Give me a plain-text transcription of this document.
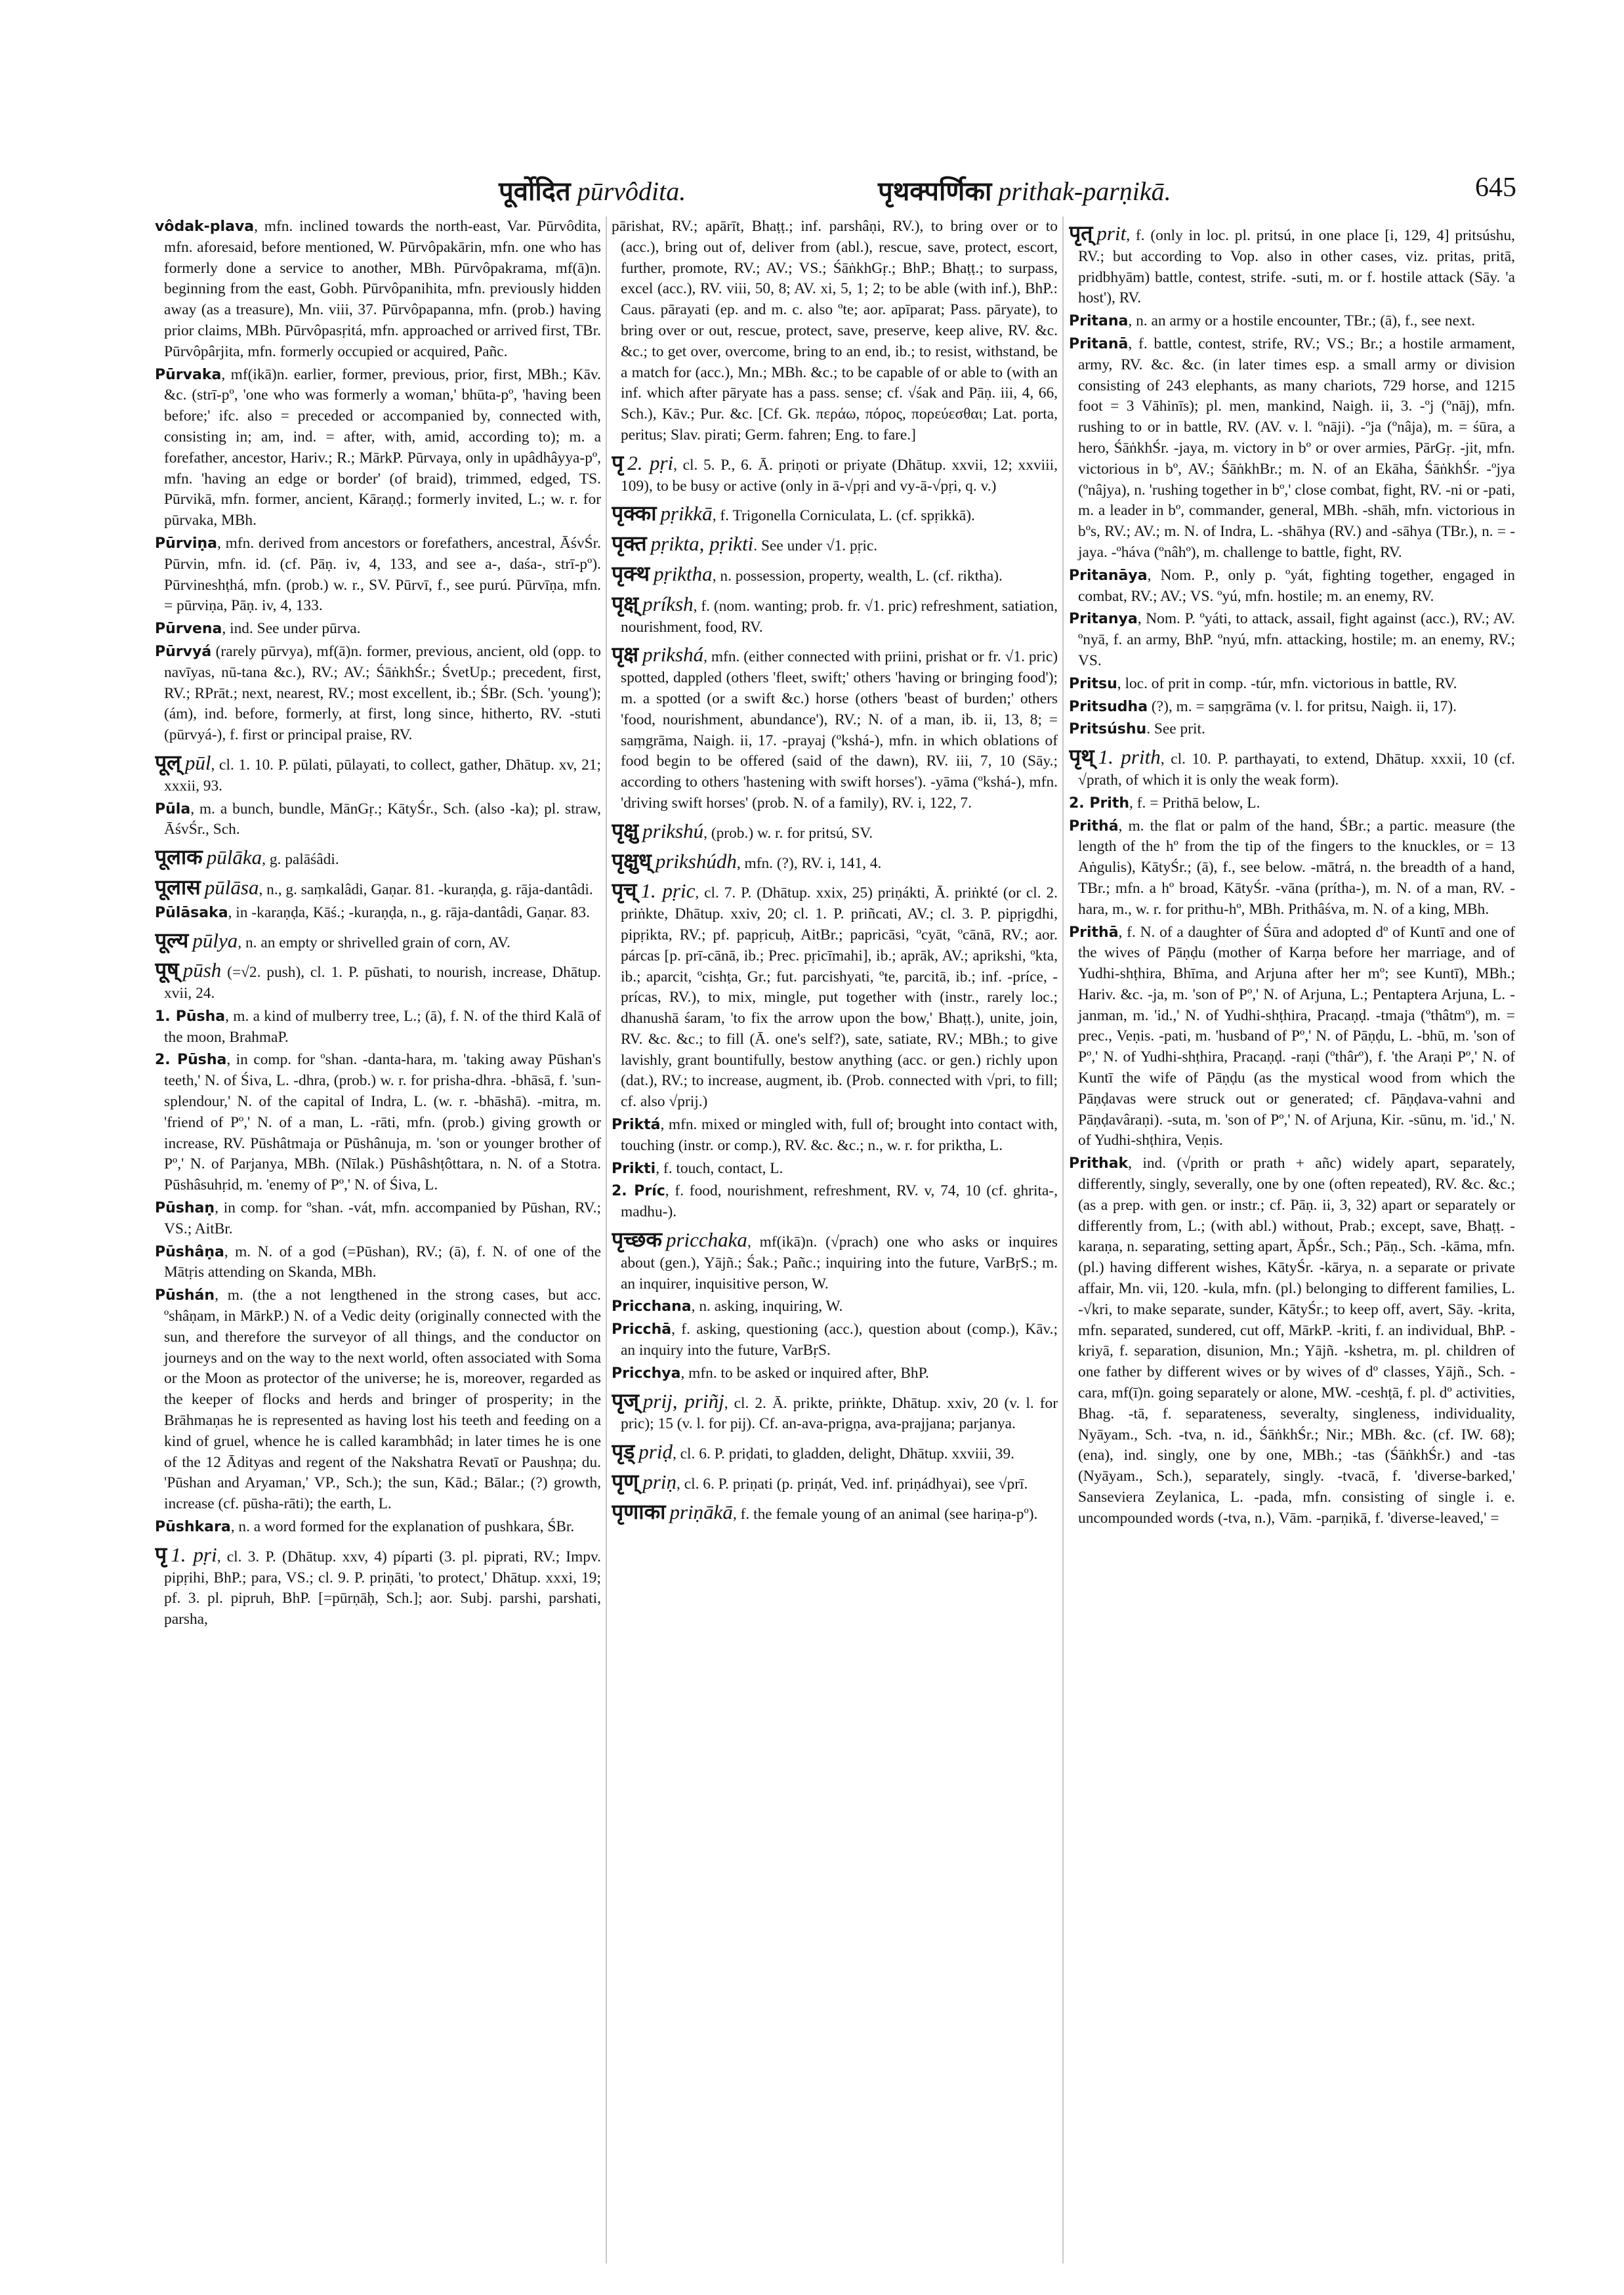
पूर्वोदित pūrvôdita.	पृथक्पर्णिका prithak-parṇikā.	645

vôdak-plava, mfn. inclined towards the north-east, Var. Pūrvôdita, mfn. aforesaid, before mentioned, W. Pūrvôpakārin, mfn. one who has formerly done a service to another, MBh. Pūrvôpakrama, mf(ā)n. beginning from the east, Gobh. Pūrvôpanihita, mfn. previously hidden away (as a treasure), Mn. viii, 37. Pūrvôpapanna, mfn. (prob.) having prior claims, MBh. Pūrvôpasṛitá, mfn. approached or arrived first, TBr. Pūrvôpârjita, mfn. formerly occupied or acquired, Pañc.

Pūrvaka, mf(ikā)n. earlier, former, previous, prior, first, MBh.; Kāv. &c. (strī-pº, 'one who was formerly a woman,' bhūta-pº, 'having been before;' ifc. also = preceded or accompanied by, connected with, consisting in; am, ind. = after, with, amid, according to); m. a forefather, ancestor, Hariv.; R.; MārkP. Pūrvaya, only in upâdhâyya-pº, mfn. 'having an edge or border' (of braid), trimmed, edged, TS. Pūrvikā, mfn. former, ancient, Kāraṇḍ.; formerly invited, L.; w. r. for pūrvaka, MBh.

Pūrviṇa, mfn. derived from ancestors or forefathers, ancestral, ĀśvŚr. Pūrvin, mfn. id. (cf. Pāṇ. iv, 4, 133, and see a-, daśa-, strī-pº). Pūrvineshṭhá, mfn. (prob.) w. r., SV. Pūrvī, f., see purú. Pūrvīṇa, mfn. = pūrviṇa, Pāṇ. iv, 4, 133.

Pūrvena, ind. See under pūrva.

Pūrvyá (rarely pūrvya), mf(ā)n. former, previous, ancient, old (opp. to navīyas, nū-tana &c.), RV.; AV.; ŚāṅkhŚr.; ŚvetUp.; precedent, first, RV.; RPrāt.; next, nearest, RV.; most excellent, ib.; ŚBr. (Sch. 'young'); (ám), ind. before, formerly, at first, long since, hitherto, RV. -stuti (pūrvyá-), f. first or principal praise, RV.

पूल् pūl, cl. 1. 10. P. pūlati, pūlayati, to collect, gather, Dhātup. xv, 21; xxxii, 93.

Pūla, m. a bunch, bundle, MānGṛ.; KātyŚr., Sch. (also -ka); pl. straw, ĀśvŚr., Sch.

पूलाक pūlāka, g. palāśâdi.

पूलास pūlāsa, n., g. saṃkalâdi, Gaṇar. 81. -kuraṇḍa, g. rāja-dantâdi.

Pūlāsaka, in -karaṇḍa, Kāś.; -kuraṇḍa, n., g. rāja-dantâdi, Gaṇar. 83.

पूल्य pūlya, n. an empty or shrivelled grain of corn, AV.

पूष् pūsh (=√2. push), cl. 1. P. pūshati, to nourish, increase, Dhātup. xvii, 24.

1. Pūsha, m. a kind of mulberry tree, L.; (ā), f. N. of the third Kalā of the moon, BrahmaP.

2. Pūsha, in comp. for ºshan. -danta-hara, m. 'taking away Pūshan's teeth,' N. of Śiva, L. -dhra, (prob.) w. r. for prisha-dhra. -bhāsā, f. 'sun-splendour,' N. of the capital of Indra, L. (w. r. -bhāshā). -mitra, m. 'friend of Pº,' N. of a man, L. -rāti, mfn. (prob.) giving growth or increase, RV. Pūshâtmaja or Pūshânuja, m. 'son or younger brother of Pº,' N. of Parjanya, MBh. (Nīlak.) Pūshâshṭôttara, n. N. of a Stotra. Pūshâsuhṛid, m. 'enemy of Pº,' N. of Śiva, L.

Pūshaṇ, in comp. for ºshan. -vát, mfn. accompanied by Pūshan, RV.; VS.; AitBr.

Pūshâṇa, m. N. of a god (=Pūshan), RV.; (ā), f. N. of one of the Mātṛis attending on Skanda, MBh.

Pūshán, m. (the a not lengthened in the strong cases, but acc. ºshâṇam, in MārkP.) N. of a Vedic deity (originally connected with the sun, and therefore the surveyor of all things, and the conductor on journeys and on the way to the next world, often associated with Soma or the Moon as protector of the universe; he is, moreover, regarded as the keeper of flocks and herds and bringer of prosperity; in the Brāhmaṇas he is represented as having lost his teeth and feeding on a kind of gruel, whence he is called karambhâd; in later times he is one of the 12 Ādityas and regent of the Nakshatra Revatī or Paushṇa; du. 'Pūshan and Aryaman,' VP., Sch.); the sun, Kād.; Bālar.; (?) growth, increase (cf. pūsha-rāti); the earth, L.

Pūshkara, n. a word formed for the explanation of pushkara, ŚBr.

पृ 1. pṛi, cl. 3. P. (Dhātup. xxv, 4) píparti (3. pl. piprati, RV.; Impv. pipṛihi, BhP.; para, VS.; cl. 9. P. priṇāti, 'to protect,' Dhātup. xxxi, 19; pf. 3. pl. pipruh, BhP. [=pūrṇāḥ, Sch.]; aor. Subj. parshi, parshati, parsha,

pārishat, RV.; apārīt, Bhaṭṭ.; inf. parshâṇi, RV.), to bring over or to (acc.), bring out of, deliver from (abl.), rescue, save, protect, escort, further, promote, RV.; AV.; VS.; ŚāṅkhGṛ.; BhP.; Bhaṭṭ.; to surpass, excel (acc.), RV. viii, 50, 8; AV. xi, 5, 1; 2; to be able (with inf.), BhP.: Caus. pārayati (ep. and m. c. also ºte; aor. apīparat; Pass. pāryate), to bring over or out, rescue, protect, save, preserve, keep alive, RV. &c. &c.; to get over, overcome, bring to an end, ib.; to resist, withstand, be a match for (acc.), Mn.; MBh. &c.; to be capable of or able to (with an inf. which after pāryate has a pass. sense; cf. √śak and Pāṇ. iii, 4, 66, Sch.), Kāv.; Pur. &c. [Cf. Gk. περάω, πόρος, πορεύεσθαι; Lat. porta, peritus; Slav. pirati; Germ. fahren; Eng. to fare.]

पृ 2. pṛi, cl. 5. P., 6. Ā. priṇoti or priyate (Dhātup. xxvii, 12; xxviii, 109), to be busy or active (only in ā-√pṛi and vy-ā-√pṛi, q. v.)

पृक्का pṛikkā, f. Trigonella Corniculata, L. (cf. spṛikkā).

पृक्त pṛikta, pṛikti. See under √1. pṛic.

पृक्थ pṛiktha, n. possession, property, wealth, L. (cf. riktha).

पृक्ष् príksh, f. (nom. wanting; prob. fr. √1. pric) refreshment, satiation, nourishment, food, RV.

पृक्ष prikshá, mfn. (either connected with priini, prishat or fr. √1. pric) spotted, dappled (others 'fleet, swift;' others 'having or bringing food'); m. a spotted (or a swift &c.) horse (others 'beast of burden;' others 'food, nourishment, abundance'), RV.; N. of a man, ib. ii, 13, 8; = saṃgrāma, Naigh. ii, 17. -prayaj (ºkshá-), mfn. in which oblations of food begin to be offered (said of the dawn), RV. iii, 7, 10 (Sāy.; according to others 'hastening with swift horses'). -yāma (ºkshá-), mfn. 'driving swift horses' (prob. N. of a family), RV. i, 122, 7.

पृक्षु prikshú, (prob.) w. r. for pritsú, SV.

पृक्षुध् prikshúdh, mfn. (?), RV. i, 141, 4.

पृच् 1. pṛic, cl. 7. P. (Dhātup. xxix, 25) priṇákti, Ā. priṅkté (or cl. 2. priṅkte, Dhātup. xxiv, 20; cl. 1. P. priñcati, AV.; cl. 3. P. pipṛigdhi, pipṛikta, RV.; pf. papṛicuḥ, AitBr.; papricāsi, ºcyāt, ºcānā, RV.; aor. párcas [p. prī-cānā, ib.; Prec. pṛicīmahi], ib.; aprāk, AV.; aprikshi, ºkta, ib.; aparcit, ºcishṭa, Gr.; fut. parcishyati, ºte, parcitā, ib.; inf. -príce, -prícas, RV.), to mix, mingle, put together with (instr., rarely loc.; dhanushā śaram, 'to fix the arrow upon the bow,' Bhaṭṭ.), unite, join, RV. &c. &c.; to fill (Ā. one's self?), sate, satiate, RV.; MBh.; to give lavishly, grant bountifully, bestow anything (acc. or gen.) richly upon (dat.), RV.; to increase, augment, ib. (Prob. connected with √pri, to fill; cf. also √prij.)

Priktá, mfn. mixed or mingled with, full of; brought into contact with, touching (instr. or comp.), RV. &c. &c.; n., w. r. for priktha, L.

Prikti, f. touch, contact, L.

2. Príc, f. food, nourishment, refreshment, RV. v, 74, 10 (cf. ghrita-, madhu-).

पृच्छक pricchaka, mf(ikā)n. (√prach) one who asks or inquires about (gen.), Yājñ.; Śak.; Pañc.; inquiring into the future, VarBṛS.; m. an inquirer, inquisitive person, W.

Pricchana, n. asking, inquiring, W.

Pricchā, f. asking, questioning (acc.), question about (comp.), Kāv.; an inquiry into the future, VarBṛS.

Pricchya, mfn. to be asked or inquired after, BhP.

पृज् prij, priñj, cl. 2. Ā. prikte, priṅkte, Dhātup. xxiv, 20 (v. l. for pric); 15 (v. l. for pij). Cf. an-ava-prigṇa, ava-prajjana; parjanya.

पृड् priḍ, cl. 6. P. priḍati, to gladden, delight, Dhātup. xxviii, 39.

पृण् priṇ, cl. 6. P. priṇati (p. priṇát, Ved. inf. priṇádhyai), see √prī.

पृणाका priṇākā, f. the female young of an animal (see hariṇa-pº).

पृत् prit, f. (only in loc. pl. pritsú, in one place [i, 129, 4] pritsúshu, RV.; but according to Vop. also in other cases, viz. pritas, pritā, pridbhyām) battle, contest, strife. -suti, m. or f. hostile attack (Sāy. 'a host'), RV.

Pritana, n. an army or a hostile encounter, TBr.; (ā), f., see next.

Pritanā, f. battle, contest, strife, RV.; VS.; Br.; a hostile armament, army, RV. &c. &c. (in later times esp. a small army or division consisting of 243 elephants, as many chariots, 729 horse, and 1215 foot = 3 Vāhinīs); pl. men, mankind, Naigh. ii, 3. -ºj (ºnāj), mfn. rushing to or in battle, RV. (AV. v. l. ºnāji). -ºja (ºnâja), m. = śūra, a hero, ŚāṅkhŚr. -jaya, m. victory in bº or over armies, PārGṛ. -jit, mfn. victorious in bº, AV.; ŚāṅkhBr.; m. N. of an Ekāha, ŚāṅkhŚr. -ºjya (ºnâjya), n. 'rushing together in bº,' close combat, fight, RV. -ni or -pati, m. a leader in bº, commander, general, MBh. -shāh, mfn. victorious in bºs, RV.; AV.; m. N. of Indra, L. -shāhya (RV.) and -sāhya (TBr.), n. = -jaya. -ºháva (ºnâhº), m. challenge to battle, fight, RV.

Pritanāya, Nom. P., only p. ºyát, fighting together, engaged in combat, RV.; AV.; VS. ºyú, mfn. hostile; m. an enemy, RV.

Pritanya, Nom. P. ºyáti, to attack, assail, fight against (acc.), RV.; AV. ºnyā, f. an army, BhP. ºnyú, mfn. attacking, hostile; m. an enemy, RV.; VS.

Pritsu, loc. of prit in comp. -túr, mfn. victorious in battle, RV.

Pritsudha (?), m. = saṃgrāma (v. l. for pritsu, Naigh. ii, 17).

Pritsúshu. See prit.

पृथ् 1. prith, cl. 10. P. parthayati, to extend, Dhātup. xxxii, 10 (cf. √prath, of which it is only the weak form).

2. Prith, f. = Prithā below, L.

Prithá, m. the flat or palm of the hand, ŚBr.; a partic. measure (the length of the hº from the tip of the fingers to the knuckles, or = 13 Aṅgulis), KātyŚr.; (ā), f., see below. -mātrá, n. the breadth of a hand, TBr.; mfn. a hº broad, KātyŚr. -vāna (prítha-), m. N. of a man, RV. -hara, m., w. r. for prithu-hº, MBh. Prithâśva, m. N. of a king, MBh.

Prithā, f. N. of a daughter of Śūra and adopted dº of Kuntī and one of the wives of Pāṇḍu (mother of Karṇa before her marriage, and of Yudhi-shṭhira, Bhīma, and Arjuna after her mº; see Kuntī), MBh.; Hariv. &c. -ja, m. 'son of Pº,' N. of Arjuna, L.; Pentaptera Arjuna, L. -janman, m. 'id.,' N. of Yudhi-shṭhira, Pracaṇḍ. -tmaja (ºthâtmº), m. = prec., Veṇis. -pati, m. 'husband of Pº,' N. of Pāṇḍu, L. -bhū, m. 'son of Pº,' N. of Yudhi-shṭhira, Pracaṇḍ. -raṇi (ºthârº), f. 'the Araṇi Pº,' N. of Kuntī the wife of Pāṇḍu (as the mystical wood from which the Pāṇḍavas were struck out or generated; cf. Pāṇḍava-vahni and Pāṇḍavâraṇi). -suta, m. 'son of Pº,' N. of Arjuna, Kir. -sūnu, m. 'id.,' N. of Yudhi-shṭhira, Veṇis.

Prithak, ind. (√prith or prath + añc) widely apart, separately, differently, singly, severally, one by one (often repeated), RV. &c. &c.; (as a prep. with gen. or instr.; cf. Pāṇ. ii, 3, 32) apart or separately or differently from, L.; (with abl.) without, Prab.; except, save, Bhaṭṭ. -karaṇa, n. separating, setting apart, ĀpŚr., Sch.; Pāṇ., Sch. -kāma, mfn. (pl.) having different wishes, KātyŚr. -kārya, n. a separate or private affair, Mn. vii, 120. -kula, mfn. (pl.) belonging to different families, L. -√kri, to make separate, sunder, KātyŚr.; to keep off, avert, Sāy. -krita, mfn. separated, sundered, cut off, MārkP. -kriti, f. an individual, BhP. -kriyā, f. separation, disunion, Mn.; Yājñ. -kshetra, m. pl. children of one father by different wives or by wives of dº classes, Yājñ., Sch. -cara, mf(ī)n. going separately or alone, MW. -ceshṭā, f. pl. dº activities, Bhag. -tā, f. separateness, severalty, singleness, individuality, Nyāyam., Sch. -tva, n. id., ŚāṅkhŚr.; Nir.; MBh. &c. (cf. IW. 68); (ena), ind. singly, one by one, MBh.; -tas (ŚāṅkhŚr.) and -tas (Nyāyam., Sch.), separately, singly. -tvacā, f. 'diverse-barked,' Sanseviera Zeylanica, L. -pada, mfn. consisting of single i. e. uncompounded words (-tva, n.), Vām. -parṇikā, f. 'diverse-leaved,' =
